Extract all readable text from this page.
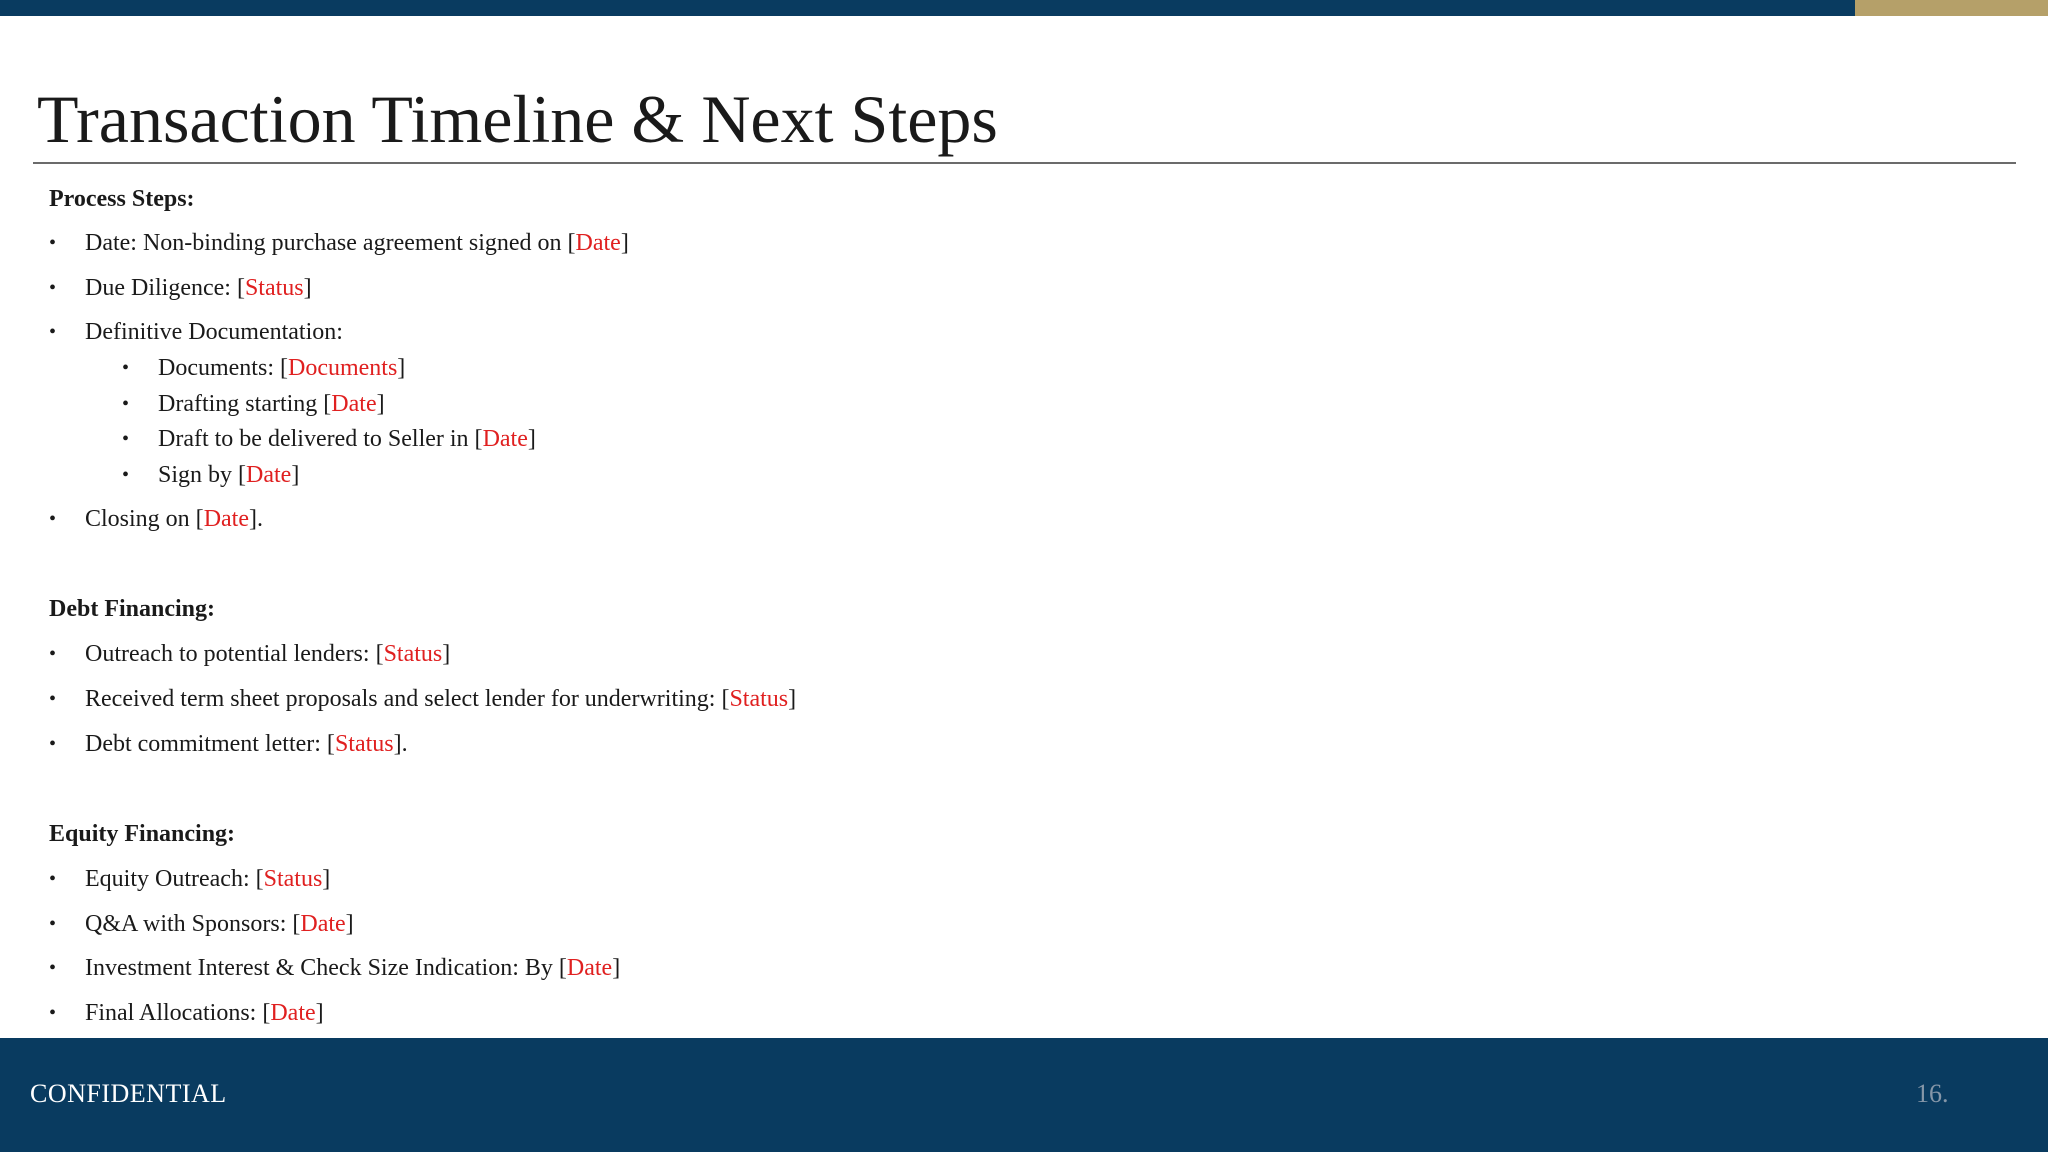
Transaction Timeline & Next Steps

Process Steps:

• Date: Non-binding purchase agreement signed on [Date]
• Due Diligence: [Status]
• Definitive Documentation:
• Documents: [Documents]
• Drafting starting [Date]
• Draft to be delivered to Seller in [Date]
• Sign by [Date]
• Closing on [Date].

Debt Financing:

• Outreach to potential lenders: [Status]
• Received term sheet proposals and select lender for underwriting: [Status]
• Debt commitment letter: [Status].

Equity Financing:

• Equity Outreach: [Status]
• Q&A with Sponsors: [Date]
• Investment Interest & Check Size Indication: By [Date]
• Final Allocations: [Date]
CONFIDENTIAL	16.
